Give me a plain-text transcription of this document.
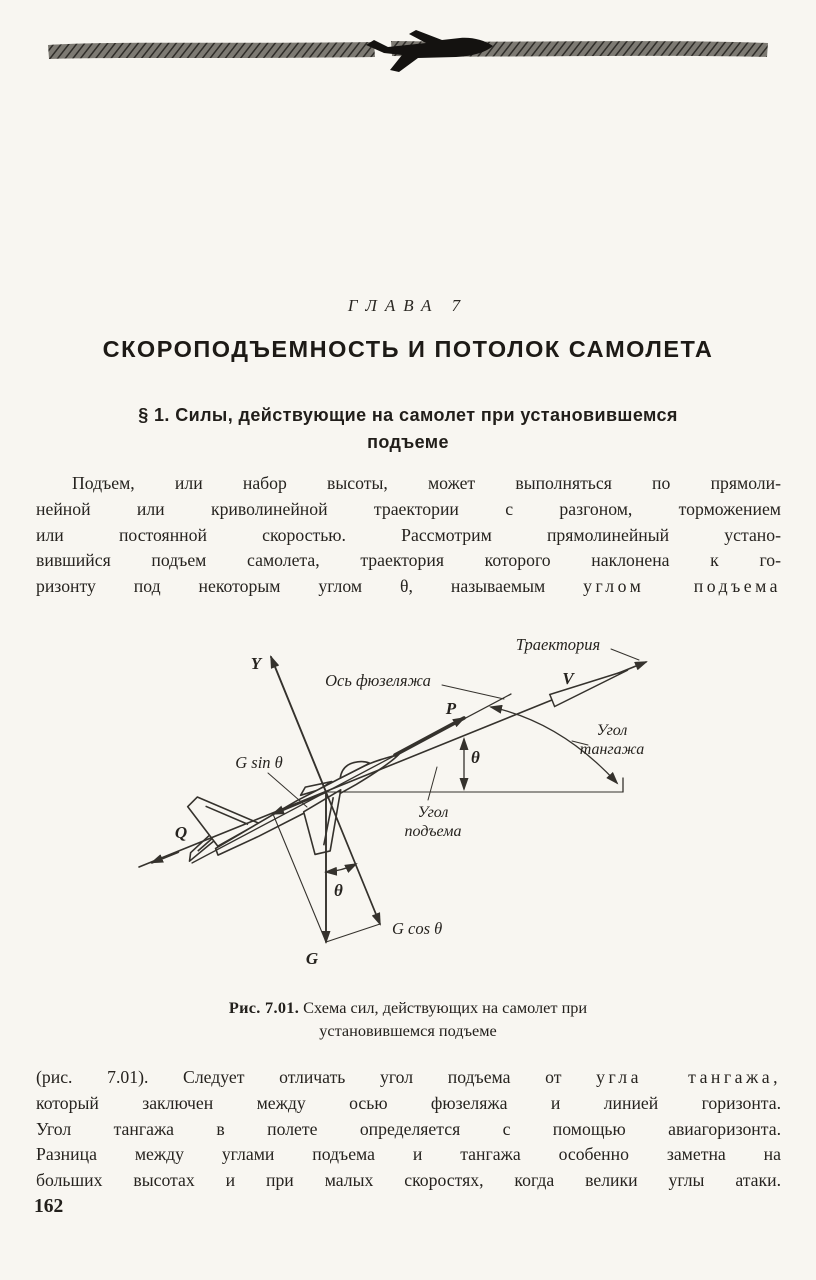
ГЛАВА 7
СКОРОПОДЪЕМНОСТЬ И ПОТОЛОК САМОЛЕТА
§ 1. Силы, действующие на самолет при установившемся
подъеме
Подъем, или набор высоты, может выполняться по прямоли-
нейной или криволинейной траектории с разгоном, торможением
или постоянной скоростью. Рассмотрим прямолинейный устано-
вившийся подъем самолета, траектория которого наклонена к го-
ризонту под некоторым углом θ, называемым углом подъема
Траектория
V
Ось фюзеляжа
P
Y
Q
G
G sin θ
G cos θ
θ
θ
Угол
подъема
Угол
тангажа
Рис. 7.01. Схема сил, действующих на самолет при
установившемся подъеме
(рис. 7.01). Следует отличать угол подъема от угла тангажа,
который заключен между осью фюзеляжа и линией горизонта.
Угол тангажа в полете определяется с помощью авиагоризонта.
Разница между углами подъема и тангажа особенно заметна на
больших высотах и при малых скоростях, когда велики углы атаки.
162
